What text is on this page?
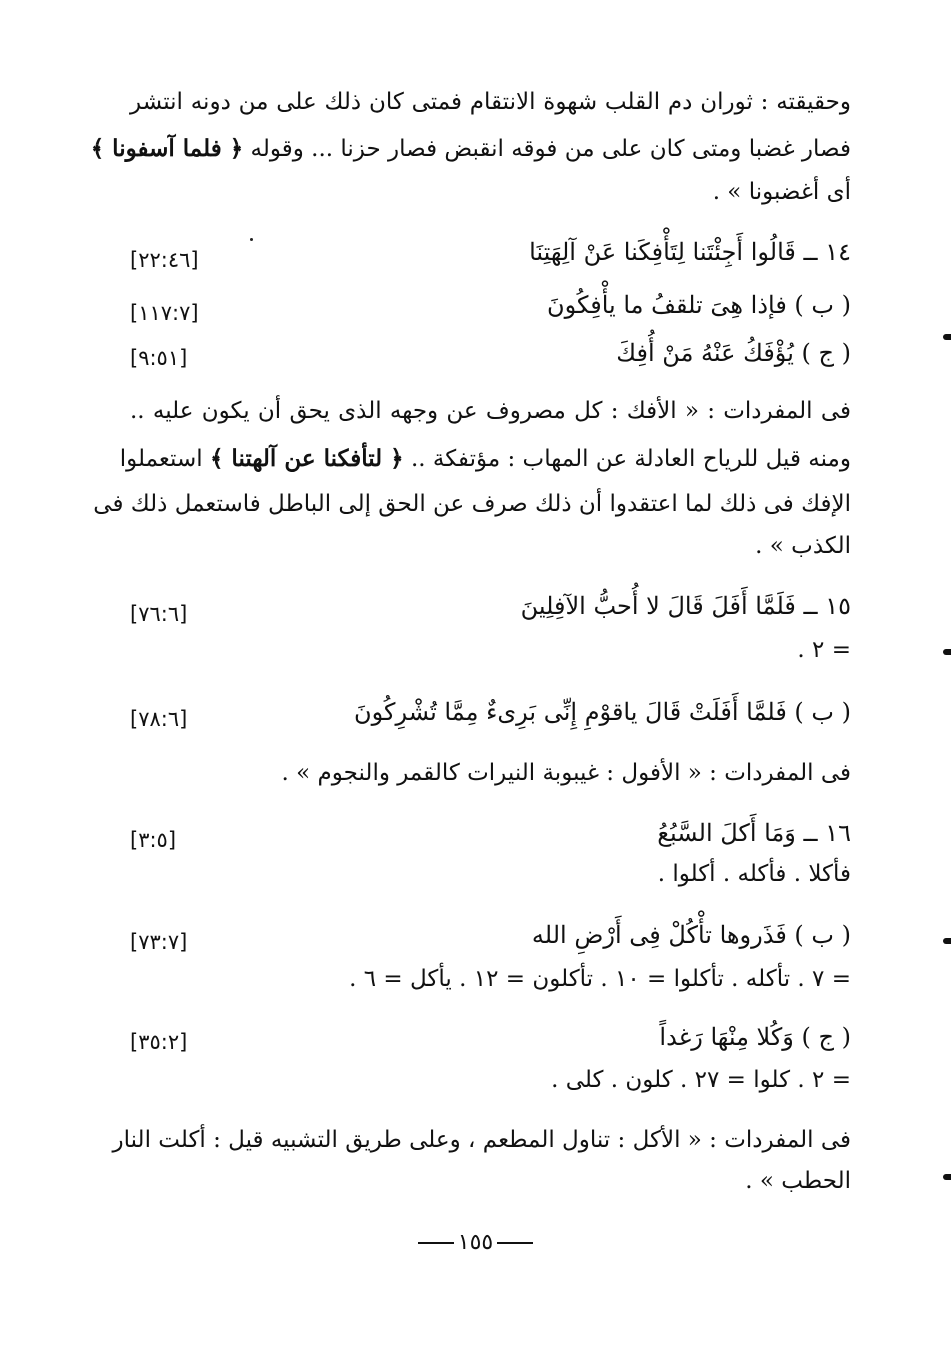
وحقيقته : ثوران دم القلب شهوة الانتقام فمتى كان ذلك على من دونه انتشر
فصار غضبا ومتى كان على من فوقه انقبض فصار حزنا ... وقوله ﴿ فلما آسفونا ﴾
أى أغضبونا » .
١٤ ــ قَالُوا أَجِئْتَنا لِتَأْفِكَنا عَنْ آلِهَتِنَا
[٢٢:٤٦]
( ب ) فإذا هِىَ تلقفُ ما يأْفِكُونَ
[١١٧:٧]
( ج ) يُؤْفَكُ عَنْهُ مَنْ أُفِكَ
[٩:٥١]
فى المفردات : « الأفك : كل مصروف عن وجهه الذى يحق أن يكون عليه ..
ومنه قيل للرياح العادلة عن المهاب : مؤتفكة .. ﴿ لتأفكنا عن آلهتنا ﴾ استعملوا
الإفك فى ذلك لما اعتقدوا أن ذلك صرف عن الحق إلى الباطل فاستعمل ذلك فى
الكذب » .
١٥ ــ فَلَمَّا أَفَلَ قَالَ لا أُحبُّ الآفِلِينَ
[٧٦:٦]
= ٢ .
( ب ) فَلمَّا أَفَلَتْ قَالَ ياقوْمِ إِنِّى بَرِىءٌ مِمَّا تُشْرِكُونَ
[٧٨:٦]
فى المفردات : « الأفول : غيبوبة النيرات كالقمر والنجوم » .
١٦ ــ وَمَا أَكلَ السَّبُعُ
[٣:٥]
فأكلا . فأكله . أكلوا .
( ب ) فَذَروها تأْكُلْ فِى أَرْضِ الله
[٧٣:٧]
= ٧ . تأكله . تأكلوا = ١٠ . تأكلون = ١٢ . يأكل = ٦ .
( ج ) وَكُلا مِنْهَا رَغداً
[٣٥:٢]
= ٢ . كلوا = ٢٧ . كلون . كلى .
فى المفردات : « الأكل : تناول المطعم ، وعلى طريق التشبيه قيل : أكلت النار
الحطب » .
١٥٥
